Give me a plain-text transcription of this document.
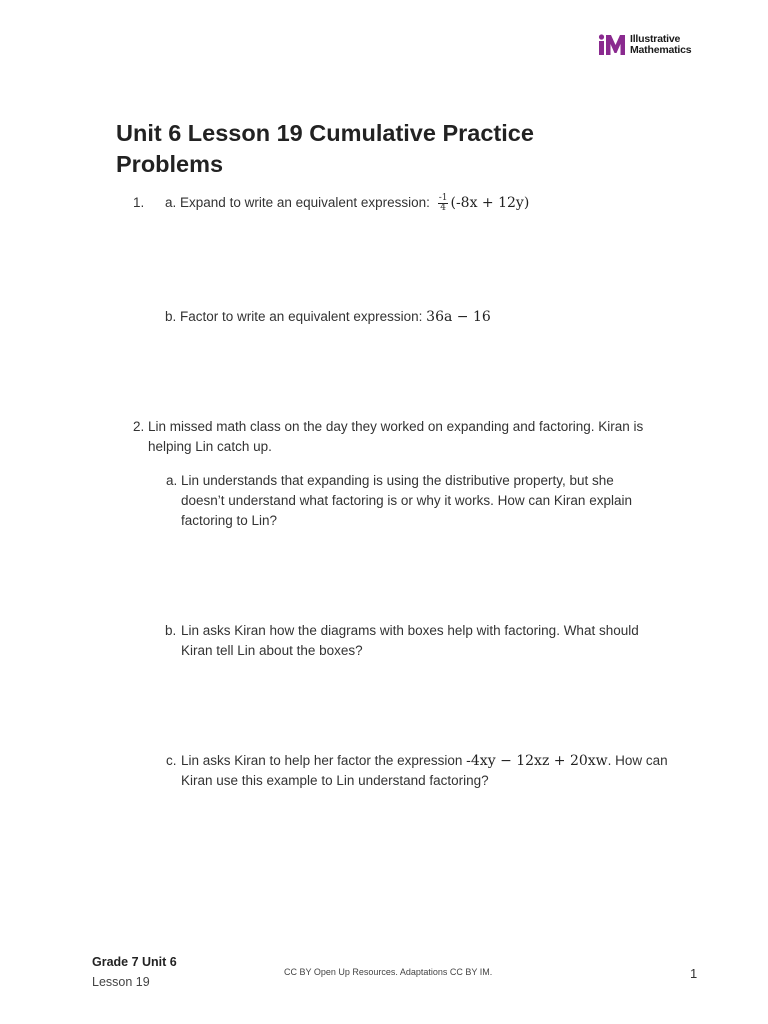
Illustrative
Mathematics
Unit 6 Lesson 19 Cumulative Practice
Problems
1. a. Expand to write an equivalent expression: $\frac{-1}{4} (-8x + 12y)$
b. Factor to write an equivalent expression: 36a − 16
2. Lin missed math class on the day they worked on expanding and factoring. Kiran is
helping Lin catch up.
a. Lin understands that expanding is using the distributive property, but she
doesn’t understand what factoring is or why it works. How can Kiran explain
factoring to Lin?
b. Lin asks Kiran how the diagrams with boxes help with factoring. What should
Kiran tell Lin about the boxes?
c. Lin asks Kiran to help her factor the expression -4xy − 12xz + 20xw. How can
Kiran use this example to Lin understand factoring?
Grade 7 Unit 6
Lesson 19
CC BY Open Up Resources. Adaptations CC BY IM.	1
